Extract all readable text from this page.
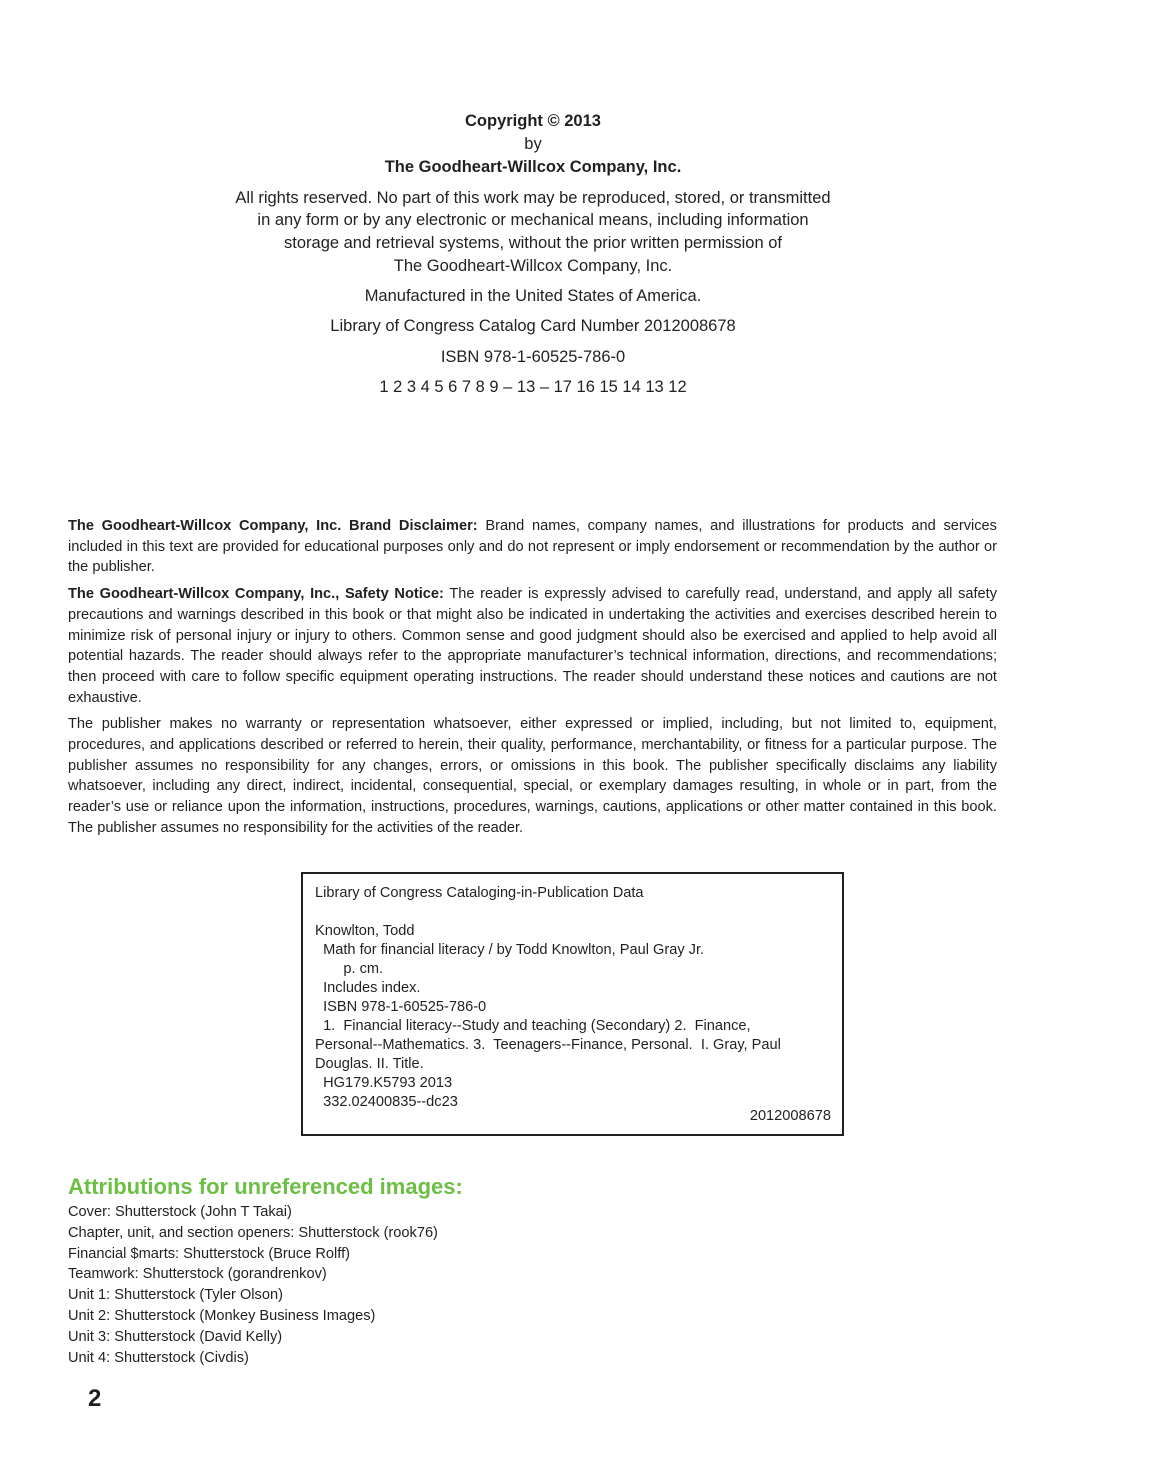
Copyright © 2013
by
The Goodheart-Willcox Company, Inc.
All rights reserved. No part of this work may be reproduced, stored, or transmitted
in any form or by any electronic or mechanical means, including information
storage and retrieval systems, without the prior written permission of
The Goodheart-Willcox Company, Inc.
Manufactured in the United States of America.
Library of Congress Catalog Card Number 2012008678
ISBN 978-1-60525-786-0
1 2 3 4 5 6 7 8 9 – 13 – 17 16 15 14 13 12

The Goodheart-Willcox Company, Inc. Brand Disclaimer: Brand names, company names, and illustrations for products and services included in this text are provided for educational purposes only and do not represent or imply endorsement or recommendation by the author or the publisher.

The Goodheart-Willcox Company, Inc., Safety Notice: The reader is expressly advised to carefully read, understand, and apply all safety precautions and warnings described in this book or that might also be indicated in undertaking the activities and exercises described herein to minimize risk of personal injury or injury to others. Common sense and good judgment should also be exercised and applied to help avoid all potential hazards. The reader should always refer to the appropriate manufacturer’s technical information, directions, and recommendations; then proceed with care to follow specific equipment operating instructions. The reader should understand these notices and cautions are not exhaustive.

The publisher makes no warranty or representation whatsoever, either expressed or implied, including, but not limited to, equipment, procedures, and applications described or referred to herein, their quality, performance, merchantability, or fitness for a particular purpose. The publisher assumes no responsibility for any changes, errors, or omissions in this book. The publisher specifically disclaims any liability whatsoever, including any direct, indirect, incidental, consequential, special, or exemplary damages resulting, in whole or in part, from the reader’s use or reliance upon the information, instructions, procedures, warnings, cautions, applications or other matter contained in this book. The publisher assumes no responsibility for the activities of the reader.

Library of Congress Cataloging-in-Publication Data
Knowlton, Todd
Math for financial literacy / by Todd Knowlton, Paul Gray Jr.
p. cm.
Includes index.
ISBN 978-1-60525-786-0
1.  Financial literacy--Study and teaching (Secondary) 2.  Finance,
Personal--Mathematics. 3.  Teenagers--Finance, Personal.  I. Gray, Paul
Douglas. II. Title.
HG179.K5793 2013
332.02400835--dc23
2012008678
Attributions for unreferenced images:
Cover: Shutterstock (John T Takai)
Chapter, unit, and section openers: Shutterstock (rook76)
Financial $marts: Shutterstock (Bruce Rolff)
Teamwork: Shutterstock (gorandrenkov)
Unit 1: Shutterstock (Tyler Olson)
Unit 2: Shutterstock (Monkey Business Images)
Unit 3: Shutterstock (David Kelly)
Unit 4: Shutterstock (Civdis)
2
